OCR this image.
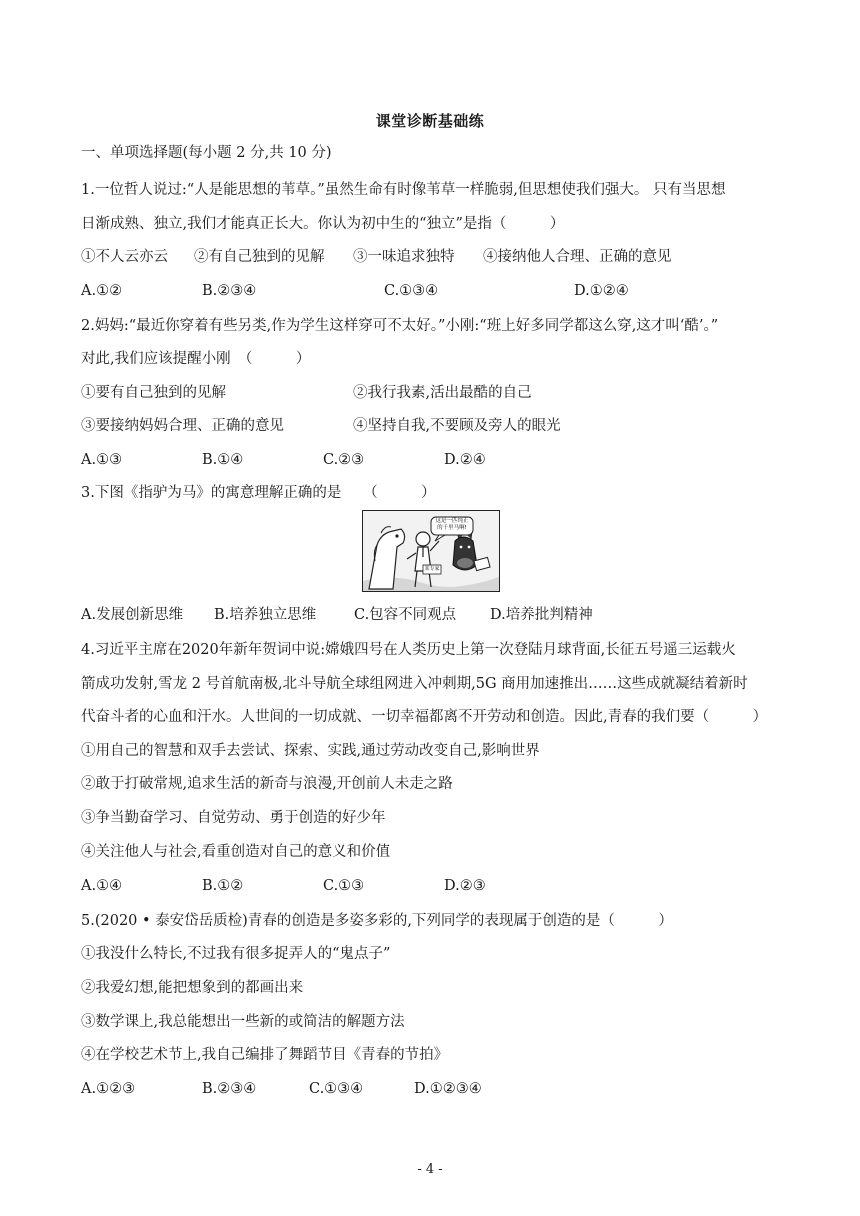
课堂诊断基础练
一、单项选择题(每小题 2 分,共 10 分)
1.一位哲人说过:“人是能思想的苇草。”虽然生命有时像苇草一样脆弱,但思想使我们强大。 只有当思想
日渐成熟、独立,我们才能真正长大。你认为初中生的“独立”是指（　　　）
①不人云亦云 ②有自己独到的见解 ③一味追求独特 ④接纳他人合理、正确的意见
A.①②	B.②③④	C.①③④	D.①②④
2.妈妈:“最近你穿着有些另类,作为学生这样穿可不太好。”小刚:“班上好多同学都这么穿,这才叫‘酷’。”
对此,我们应该提醒小刚　（　　　）
①要有自己独到的见解	②我行我素,活出最酷的自己
③要接纳妈妈合理、正确的意见	④坚持自我,不要顾及旁人的眼光
A.①③	B.①④	C.②③	D.②④
3.下图《指驴为马》的寓意理解正确的是　　（　　　）
这是一匹纯正
的千里马啊!
某专家
A.发展创新思维 B.培养独立思维	C.包容不同观点 D.培养批判精神
4.习近平主席在2020年新年贺词中说:嫦娥四号在人类历史上第一次登陆月球背面,长征五号遥三运载火
箭成功发射,雪龙 2 号首航南极,北斗导航全球组网进入冲刺期,5G 商用加速推出……这些成就凝结着新时
代奋斗者的心血和汗水。人世间的一切成就、一切幸福都离不开劳动和创造。因此,青春的我们要（　　　）
①用自己的智慧和双手去尝试、探索、实践,通过劳动改变自己,影响世界
②敢于打破常规,追求生活的新奇与浪漫,开创前人未走之路
③争当勤奋学习、自觉劳动、勇于创造的好少年
④关注他人与社会,看重创造对自己的意义和价值
A.①④	B.①②	C.①③	D.②③
5.(2020 • 泰安岱岳质检)青春的创造是多姿多彩的,下列同学的表现属于创造的是（　　　）
①我没什么特长,不过我有很多捉弄人的“鬼点子”
②我爱幻想,能把想象到的都画出来
③数学课上,我总能想出一些新的或简洁的解题方法
④在学校艺术节上,我自己编排了舞蹈节目《青春的节拍》
A.①②③	B.②③④	C.①③④	D.①②③④
- 4 -
